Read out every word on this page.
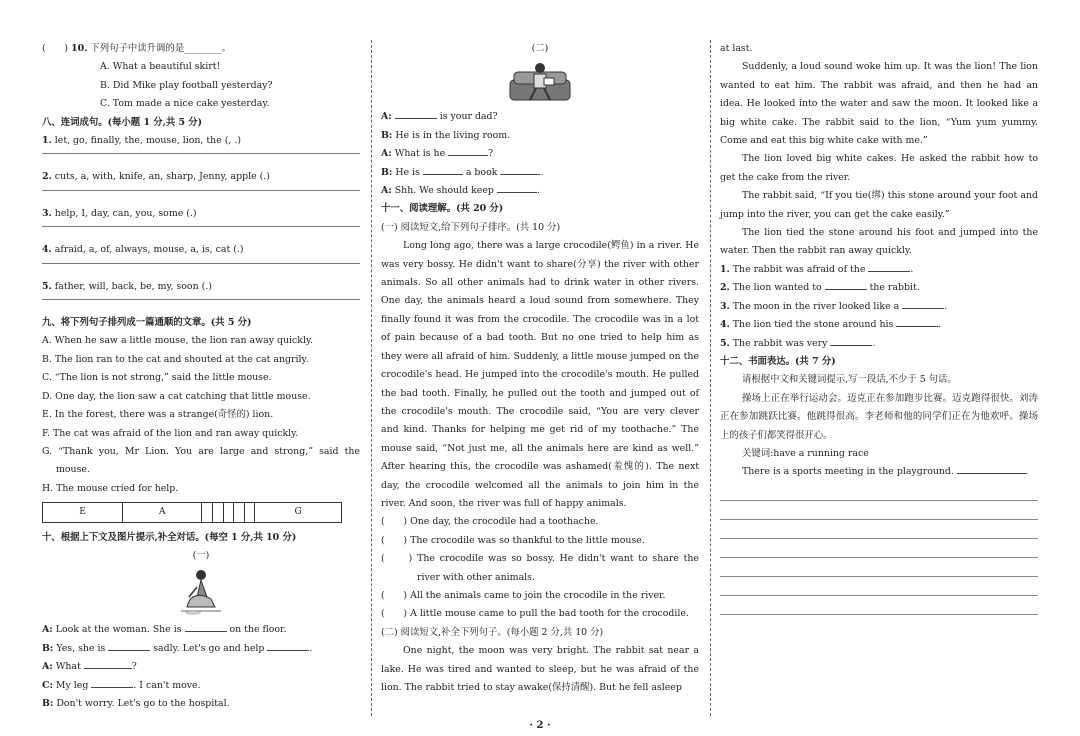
(　　) 10. 下列句子中读升调的是________。

A. What a beautiful skirt!

B. Did Mike play football yesterday?

C. Tom made a nice cake yesterday.

八、连词成句。(每小题 1 分,共 5 分)

1. let, go, finally, the, mouse, lion, the (, .)

2. cuts, a, with, knife, an, sharp, Jenny, apple (.)

3. help, I, day, can, you, some (.)

4. afraid, a, of, always, mouse, a, is, cat (.)

5. father, will, back, be, my, soon (.)

九、将下列句子排列成一篇通顺的文章。(共 5 分)

A. When he saw a little mouse, the lion ran away quickly.

B. The lion ran to the cat and shouted at the cat angrily.

C. “The lion is not strong,” said the little mouse.

D. One day, the lion saw a cat catching that little mouse.

E. In the forest, there was a strange(奇怪的) lion.

F. The cat was afraid of the lion and ran away quickly.

G. “Thank you, Mr Lion. You are large and strong,” said the mouse.

H. The mouse cried for help.

E	A						G

十、根据上下文及图片提示,补全对话。(每空 1 分,共 10 分)

(一)

A: Look at the woman. She is	on the floor.

B: Yes, she is	sadly. Let's go and help	.

A: What	?

C: My leg	. I can't move.

B: Don't worry. Let's go to the hospital.

(二)

A:	is your dad?

B: He is in the living room.

A: What is he	?

B: He is	a book	.

A: Shh. We should keep	.

十一、阅读理解。(共 20 分)

(一) 阅读短文,给下列句子排序。(共 10 分)

Long long ago, there was a large crocodile(鳄鱼) in a river. He was very bossy. He didn't want to share(分享) the river with other animals. So all other animals had to drink water in other rivers. One day, the animals heard a loud sound from somewhere. They finally found it was from the crocodile. The crocodile was in a lot of pain because of a bad tooth. But no one tried to help him as they were all afraid of him. Suddenly, a little mouse jumped on the crocodile's head. He jumped into the crocodile's mouth. He pulled the bad tooth. Finally, he pulled out the tooth and jumped out of the crocodile's mouth. The crocodile said, “You are very clever and kind. Thanks for helping me get rid of my toothache.” The mouse said, “Not just me, all the animals here are kind as well.” After hearing this, the crocodile was ashamed(羞愧的). The next day, the crocodile welcomed all the animals to join him in the river. And soon, the river was full of happy animals.

(　　) One day, the crocodile had a toothache.

(　　) The crocodile was so thankful to the little mouse.

(　　) The crocodile was so bossy. He didn't want to share the river with other animals.

(　　) All the animals came to join the crocodile in the river.

(　　) A little mouse came to pull the bad tooth for the crocodile.

(二) 阅读短文,补全下列句子。(每小题 2 分,共 10 分)

One night, the moon was very bright. The rabbit sat near a lake. He was tired and wanted to sleep, but he was afraid of the lion. The rabbit tried to stay awake(保持清醒). But he fell asleep

at last.

Suddenly, a loud sound woke him up. It was the lion! The lion wanted to eat him. The rabbit was afraid, and then he had an idea. He looked into the water and saw the moon. It looked like a big white cake. The rabbit said to the lion, “Yum yum yummy. Come and eat this big white cake with me.”

The lion loved big white cakes. He asked the rabbit how to get the cake from the river.

The rabbit said, “If you tie(绑) this stone around your foot and jump into the river, you can get the cake easily.”

The lion tied the stone around his foot and jumped into the water. Then the rabbit ran away quickly.

1. The rabbit was afraid of the	.

2. The lion wanted to	the rabbit.

3. The moon in the river looked like a	.

4. The lion tied the stone around his	.

5. The rabbit was very	.

十二、书面表达。(共 7 分)

请根据中文和关键词提示,写一段话,不少于 5 句话。

操场上正在举行运动会。迈克正在参加跑步比赛。迈克跑得很快。刘涛正在参加跳跃比赛。他跳得很高。李老师和他的同学们正在为他欢呼。操场上的孩子们都笑得很开心。

关键词:have a running race

There is a sports meeting in the playground.

· 2 ·
